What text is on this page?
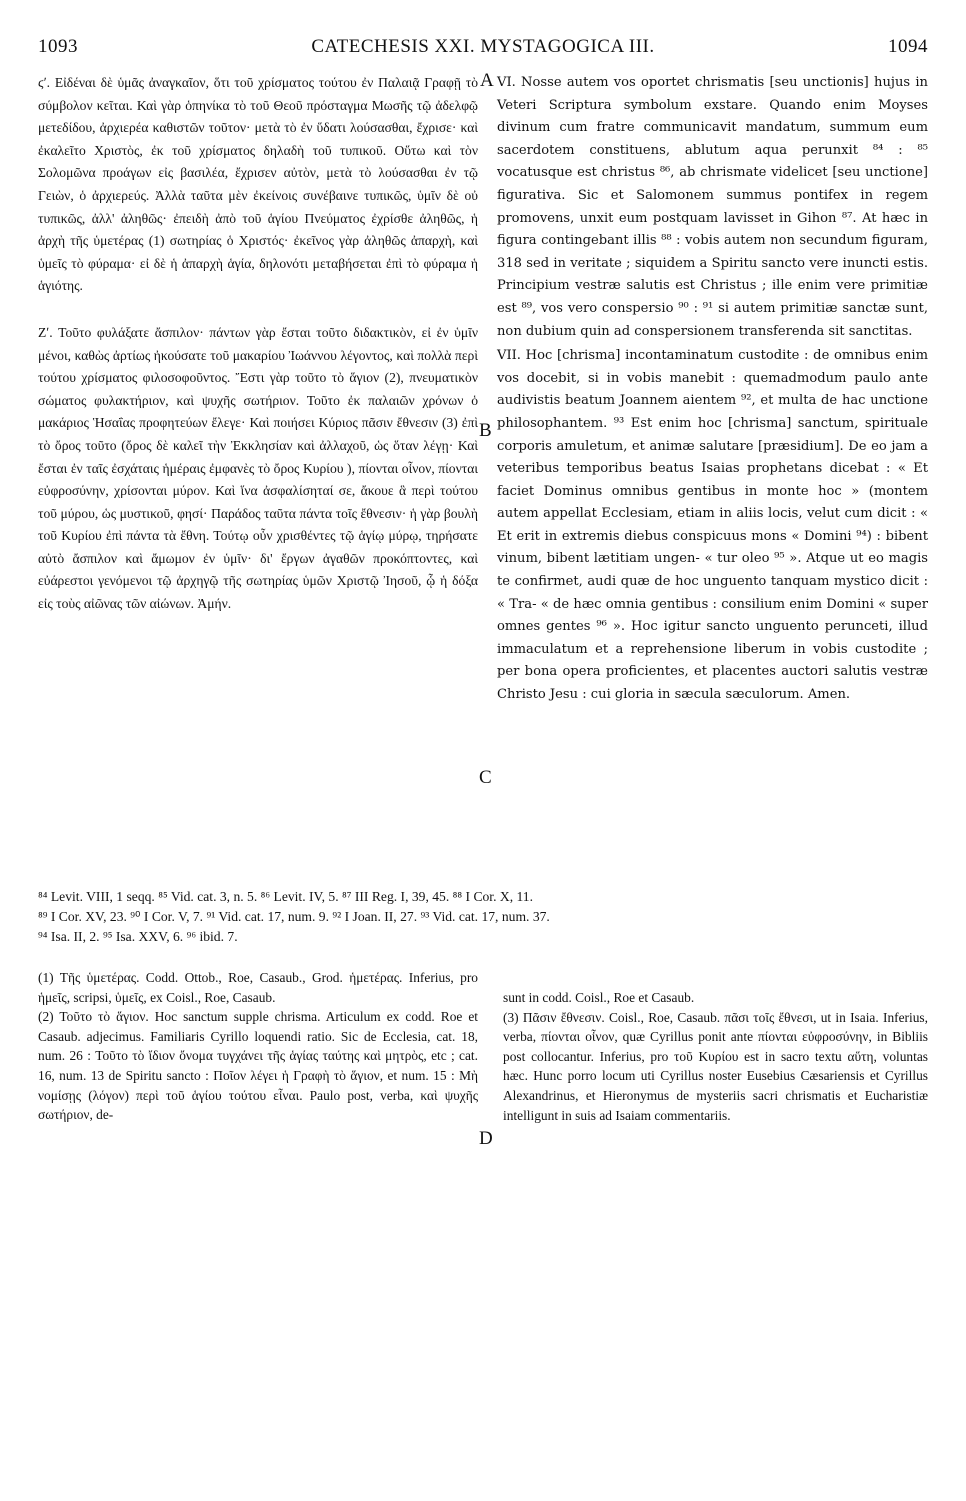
1093	CATECHESIS XXI. MYSTAGOGICA III.	1094

ϛʹ. Εἰδέναι δὲ ὑμᾶς ἀναγκαῖον, ὅτι τοῦ χρίσματος τούτου ἐν Παλαιᾷ Γραφῇ τὸ σύμβολον κεῖται. Καὶ γὰρ ὁπηνίκα τὸ τοῦ Θεοῦ πρόσταγμα Μωσῆς τῷ ἀδελφῷ μετεδίδου, ἀρχιερέα καθιστῶν τοῦτον· μετὰ τὸ ἐν ὕδατι λούσασθαι, ἔχρισε· καὶ ἐκαλεῖτο Χριστὸς, ἐκ τοῦ χρίσματος δηλαδὴ τοῦ τυπικοῦ. Οὕτω καὶ τὸν Σολομῶνα προάγων εἰς βασιλέα, ἔχρισεν αὐτὸν, μετὰ τὸ λούσασθαι ἐν τῷ Γειὼν, ὁ ἀρχιερεύς. Ἀλλὰ ταῦτα μὲν ἐκείνοις συνέβαινε τυπικῶς, ὑμῖν δὲ οὐ τυπικῶς, ἀλλ' ἀληθῶς· ἐπειδὴ ἀπὸ τοῦ ἁγίου Πνεύματος ἐχρίσθε ἀληθῶς, ἡ ἀρχὴ τῆς ὑμετέρας (1) σωτηρίας ὁ Χριστός· ἐκεῖνος γὰρ ἀληθῶς ἀπαρχὴ, καὶ ὑμεῖς τὸ φύραμα· εἰ δὲ ἡ ἀπαρχὴ ἁγία, δηλονότι μεταβήσεται ἐπὶ τὸ φύραμα ἡ ἁγιότης.

Ζʹ. Τοῦτο φυλάξατε ἄσπιλον· πάντων γὰρ ἔσται τοῦτο διδακτικὸν, εἰ ἐν ὑμῖν μένοι, καθὼς ἀρτίως ἠκούσατε τοῦ μακαρίου Ἰωάννου λέγοντος, καὶ πολλὰ περὶ τούτου χρίσματος φιλοσοφοῦντος. Ἔστι γὰρ τοῦτο τὸ ἅγιον (2), πνευματικὸν σώματος φυλακτήριον, καὶ ψυχῆς σωτήριον. Τοῦτο ἐκ παλαιῶν χρόνων ὁ μακάριος Ἡσαΐας προφητεύων ἔλεγε· Καὶ ποιήσει Κύριος πᾶσιν ἔθνεσιν (3) ἐπὶ τὸ ὄρος τοῦτο (ὄρος δὲ καλεῖ τὴν Ἐκκλησίαν καὶ ἀλλαχοῦ, ὡς ὅταν λέγῃ· Καὶ ἔσται ἐν ταῖς ἐσχάταις ἡμέραις ἐμφανὲς τὸ ὄρος Κυρίου ), πίονται οἶνον, πίονται εὐφροσύνην, χρίσονται μύρον. Καὶ ἵνα ἀσφαλίσηταί σε, ἄκουε ἃ περὶ τούτου τοῦ μύρου, ὡς μυστικοῦ, φησί· Παράδος ταῦτα πάντα τοῖς ἔθνεσιν· ἡ γὰρ βουλὴ τοῦ Κυρίου ἐπὶ πάντα τὰ ἔθνη. Τούτῳ οὖν χρισθέντες τῷ ἁγίῳ μύρῳ, τηρήσατε αὐτὸ ἄσπιλον καὶ ἄμωμον ἐν ὑμῖν· δι' ἔργων ἀγαθῶν προκόπτοντες, καὶ εὐάρεστοι γενόμενοι τῷ ἀρχηγῷ τῆς σωτηρίας ὑμῶν Χριστῷ Ἰησοῦ, ᾧ ἡ δόξα εἰς τοὺς αἰῶνας τῶν αἰώνων. Ἀμήν.

A
B
C
D

VI. Nosse autem vos oportet chrismatis [seu unctionis] hujus in Veteri Scriptura symbolum exstare. Quando enim Moyses divinum cum fratre communicavit mandatum, summum eum sacerdotem constituens, ablutum aqua perunxit ⁸⁴ : ⁸⁵ vocatusque est christus ⁸⁶, ab chrismate videlicet [seu unctione] figurativa. Sic et Salomonem summus pontifex in regem promovens, unxit eum postquam lavisset in Gihon ⁸⁷. At hæc in figura contingebant illis ⁸⁸ : vobis autem non secundum figuram, 318 sed in veritate ; siquidem a Spiritu sancto vere inuncti estis. Principium vestræ salutis est Christus ; ille enim vere primitiæ est ⁸⁹, vos vero conspersio ⁹⁰ : ⁹¹ si autem primitiæ sanctæ sunt, non dubium quin ad conspersionem transferenda sit sanctitas.

VII. Hoc [chrisma] incontaminatum custodite : de omnibus enim vos docebit, si in vobis manebit : quemadmodum paulo ante audivistis beatum Joannem aientem ⁹², et multa de hac unctione philosophantem. ⁹³ Est enim hoc [chrisma] sanctum, spirituale corporis amuletum, et animæ salutare [præsidium]. De eo jam a veteribus temporibus beatus Isaias prophetans dicebat : « Et faciet Dominus omnibus gentibus in monte hoc » (montem autem appellat Ecclesiam, etiam in aliis locis, velut cum dicit : « Et erit in extremis diebus conspicuus mons « Domini ⁹⁴) : bibent vinum, bibent lætitiam ungen- « tur oleo ⁹⁵ ». Atque ut eo magis te confirmet, audi quæ de hoc unguento tanquam mystico dicit : « Tra- « de hæc omnia gentibus : consilium enim Domini « super omnes gentes ⁹⁶ ». Hoc igitur sancto unguento perunceti, illud immaculatum et a reprehensione liberum in vobis custodite ; per bona opera proficientes, et placentes auctori salutis vestræ Christo Jesu : cui gloria in sæcula sæculorum. Amen.

⁸⁴ Levit. VIII, 1 seqq. ⁸⁵ Vid. cat. 3, n. 5. ⁸⁶ Levit. IV, 5. ⁸⁷ III Reg. I, 39, 45. ⁸⁸ I Cor. X, 11.

⁸⁹ I Cor. XV, 23. ⁹⁰ I Cor. V, 7. ⁹¹ Vid. cat. 17, num. 9. ⁹² I Joan. II, 27. ⁹³ Vid. cat. 17, num. 37.

⁹⁴ Isa. II, 2. ⁹⁵ Isa. XXV, 6. ⁹⁶ ibid. 7.

(1) Τῆς ὑμετέρας. Codd. Ottob., Roe, Casaub., Grod. ἡμετέρας. Inferius, pro ἡμεῖς, scripsi, ὑμεῖς, ex Coisl., Roe, Casaub.

(2) Τοῦτο τὸ ἅγιον. Hoc sanctum supple chrisma. Articulum ex codd. Roe et Casaub. adjecimus. Familiaris Cyrillo loquendi ratio. Sic de Ecclesia, cat. 18, num. 26 : Τοῦτο τὸ ἴδιον ὄνομα τυγχάνει τῆς ἁγίας ταύτης καὶ μητρὸς, etc ; cat. 16, num. 13 de Spiritu sancto : Ποῖον λέγει ἡ Γραφὴ τὸ ἅγιον, et num. 15 : Μὴ νομίσῃς (λόγον) περὶ τοῦ ἁγίου τούτου εἶναι. Paulo post, verba, καὶ ψυχῆς σωτήριον, de-

sunt in codd. Coisl., Roe et Casaub.

(3) Πᾶσιν ἔθνεσιν. Coisl., Roe, Casaub. πᾶσι τοῖς ἔθνεσι, ut in Isaia. Inferius, verba, πίονται οἶνον, quæ Cyrillus ponit ante πίονται εὐφροσύνην, in Bibliis post collocantur. Inferius, pro τοῦ Κυρίου est in sacro textu αὕτη, voluntas hæc. Hunc porro locum uti Cyrillus noster Eusebius Cæsariensis et Cyrillus Alexandrinus, et Hieronymus de mysteriis sacri chrismatis et Eucharistiæ intelligunt in suis ad Isaiam commentariis.
